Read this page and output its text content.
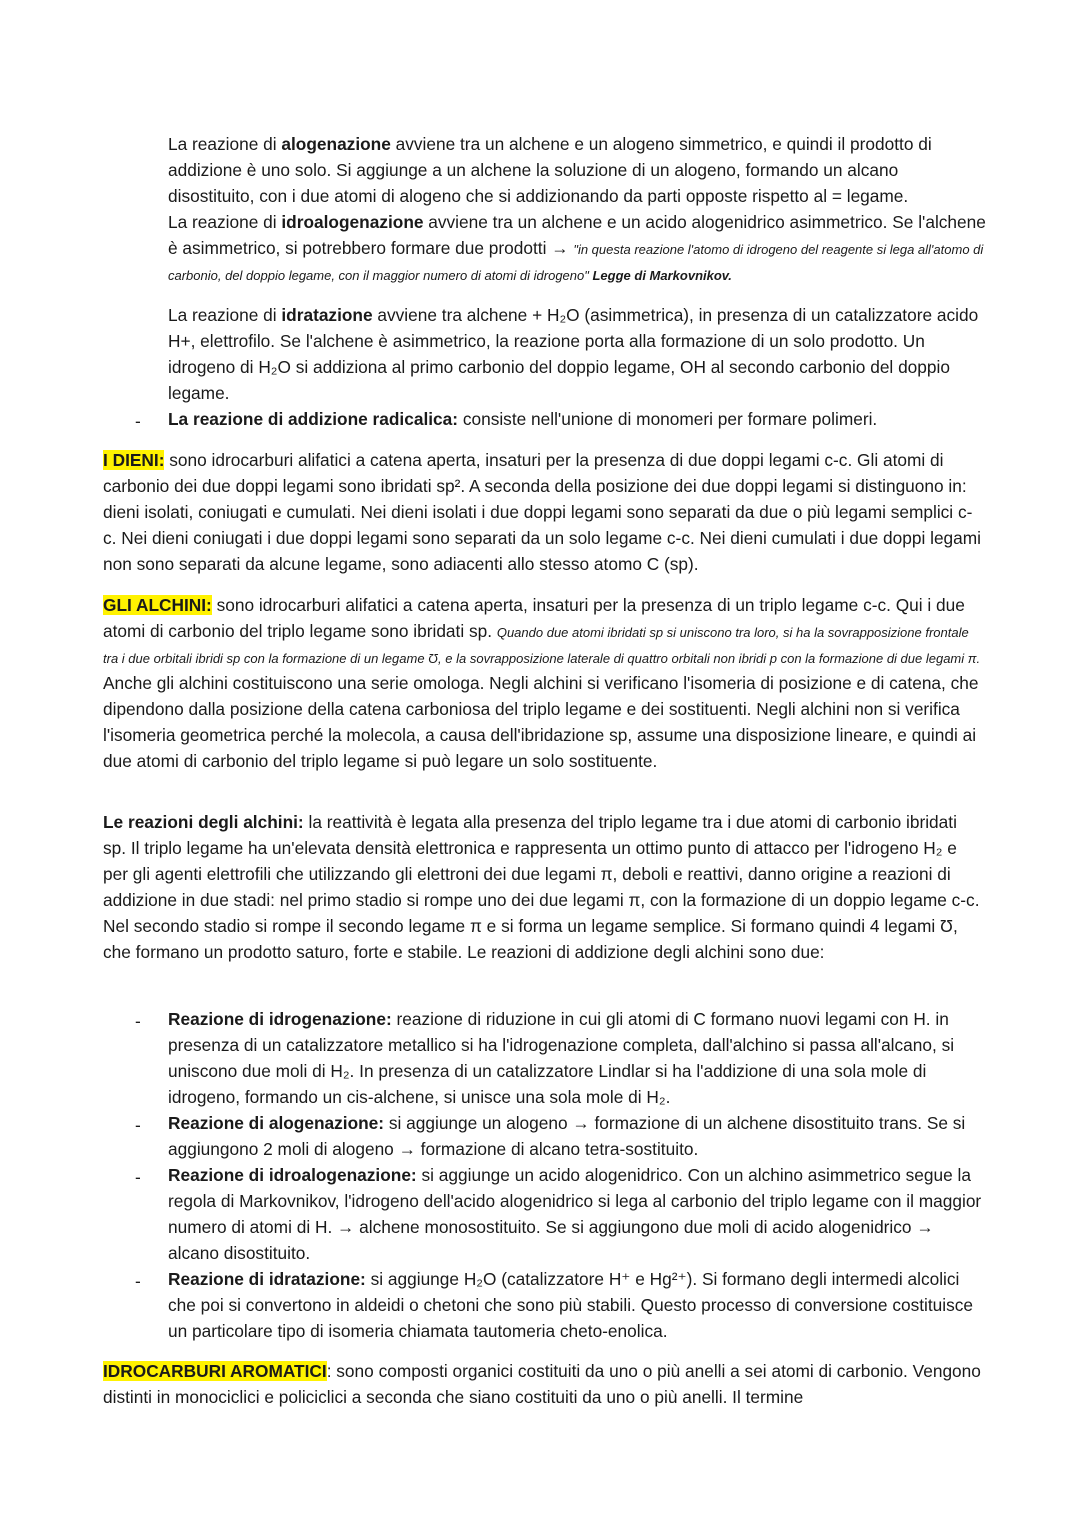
La reazione di alogenazione avviene tra un alchene e un alogeno simmetrico, e quindi il prodotto di addizione è uno solo. Si aggiunge a un alchene la soluzione di un alogeno, formando un alcano disostituito, con i due atomi di alogeno che si addizionando da parti opposte rispetto al = legame.

La reazione di idroalogenazione avviene tra un alchene e un acido alogenidrico asimmetrico. Se l'alchene è asimmetrico, si potrebbero formare due prodotti → "in questa reazione l'atomo di idrogeno del reagente si lega all'atomo di carbonio, del doppio legame, con il maggior numero di atomi di idrogeno" Legge di Markovnikov.

La reazione di idratazione avviene tra alchene + H₂O (asimmetrica), in presenza di un catalizzatore acido H+, elettrofilo. Se l'alchene è asimmetrico, la reazione porta alla formazione di un solo prodotto. Un idrogeno di H₂O si addiziona al primo carbonio del doppio legame, OH al secondo carbonio del doppio legame.

- La reazione di addizione radicalica: consiste nell'unione di monomeri per formare polimeri.

I DIENI: sono idrocarburi alifatici a catena aperta, insaturi per la presenza di due doppi legami c-c. Gli atomi di carbonio dei due doppi legami sono ibridati sp². A seconda della posizione dei due doppi legami si distinguono in: dieni isolati, coniugati e cumulati. Nei dieni isolati i due doppi legami sono separati da due o più legami semplici c-c. Nei dieni coniugati i due doppi legami sono separati da un solo legame c-c. Nei dieni cumulati i due doppi legami non sono separati da alcune legame, sono adiacenti allo stesso atomo C (sp).

GLI ALCHINI: sono idrocarburi alifatici a catena aperta, insaturi per la presenza di un triplo legame c-c. Qui i due atomi di carbonio del triplo legame sono ibridati sp. Quando due atomi ibridati sp si uniscono tra loro, si ha la sovrapposizione frontale tra i due orbitali ibridi sp con la formazione di un legame Ʊ, e la sovrapposizione laterale di quattro orbitali non ibridi p con la formazione di due legami π. Anche gli alchini costituiscono una serie omologa. Negli alchini si verificano l'isomeria di posizione e di catena, che dipendono dalla posizione della catena carboniosa del triplo legame e dei sostituenti. Negli alchini non si verifica l'isomeria geometrica perché la molecola, a causa dell'ibridazione sp, assume una disposizione lineare, e quindi ai due atomi di carbonio del triplo legame si può legare un solo sostituente.

Le reazioni degli alchini: la reattività è legata alla presenza del triplo legame tra i due atomi di carbonio ibridati sp. Il triplo legame ha un'elevata densità elettronica e rappresenta un ottimo punto di attacco per l'idrogeno H₂ e per gli agenti elettrofili che utilizzando gli elettroni dei due legami π, deboli e reattivi, danno origine a reazioni di addizione in due stadi: nel primo stadio si rompe uno dei due legami π, con la formazione di un doppio legame c-c. Nel secondo stadio si rompe il secondo legame π e si forma un legame semplice. Si formano quindi 4 legami Ʊ, che formano un prodotto saturo, forte e stabile. Le reazioni di addizione degli alchini sono due:

- Reazione di idrogenazione: reazione di riduzione in cui gli atomi di C formano nuovi legami con H. in presenza di un catalizzatore metallico si ha l'idrogenazione completa, dall'alchino si passa all'alcano, si uniscono due moli di H₂. In presenza di un catalizzatore Lindlar si ha l'addizione di una sola mole di idrogeno, formando un cis-alchene, si unisce una sola mole di H₂.

- Reazione di alogenazione: si aggiunge un alogeno → formazione di un alchene disostituito trans. Se si aggiungono 2 moli di alogeno → formazione di alcano tetra-sostituito.

- Reazione di idroalogenazione: si aggiunge un acido alogenidrico. Con un alchino asimmetrico segue la regola di Markovnikov, l'idrogeno dell'acido alogenidrico si lega al carbonio del triplo legame con il maggior numero di atomi di H. → alchene monosostituito. Se si aggiungono due moli di acido alogenidrico → alcano disostituito.

- Reazione di idratazione: si aggiunge H₂O (catalizzatore H⁺ e Hg²⁺). Si formano degli intermedi alcolici che poi si convertono in aldeidi o chetoni che sono più stabili. Questo processo di conversione costituisce un particolare tipo di isomeria chiamata tautomeria cheto-enolica.

IDROCARBURI AROMATICI: sono composti organici costituiti da uno o più anelli a sei atomi di carbonio. Vengono distinti in monociclici e policiclici a seconda che siano costituiti da uno o più anelli. Il termine
